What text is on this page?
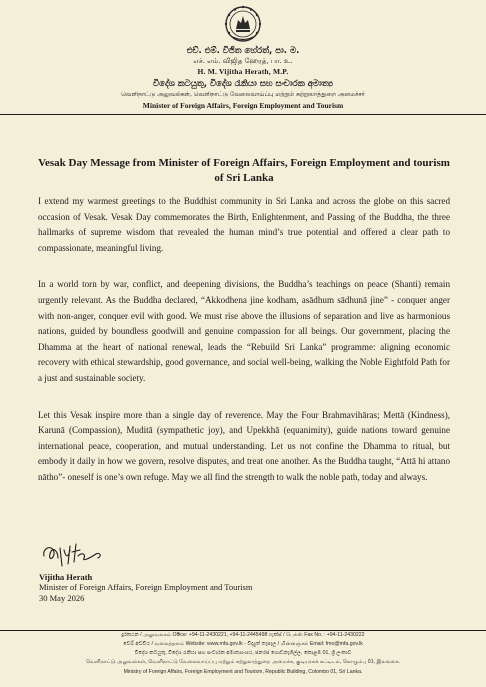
එච්. එම්. විජිත හේරත්, පා. ම.
எச். எம். விஜித ஹேரத், பா. உ.
H. M. Vijitha Herath, M.P.
විදේශ කටයුතු, විදේශ රැකියා සහ සංචාරක අමාත්‍ය
வெளிநாட்டு அலுவல்கள், வெளிநாட்டு வேலைவாய்ப்பு மற்றும் சுற்றுலாத்துறை அமைச்சர்
Minister of Foreign Affairs, Foreign Employment and Tourism
Vesak Day Message from Minister of Foreign Affairs, Foreign Employment and tourism of Sri Lanka

I extend my warmest greetings to the Buddhist community in Sri Lanka and across the globe on this sacred occasion of Vesak. Vesak Day commemorates the Birth, Enlightenment, and Passing of the Buddha, the three hallmarks of supreme wisdom that revealed the human mind’s true potential and offered a clear path to compassionate, meaningful living.

In a world torn by war, conflict, and deepening divisions, the Buddha’s teachings on peace (Shanti) remain urgently relevant. As the Buddha declared, “Akkodhena jine kodham, asādhum sādhunā jine” - conquer anger with non-anger, conquer evil with good. We must rise above the illusions of separation and live as harmonious nations, guided by boundless goodwill and genuine compassion for all beings. Our government, placing the Dhamma at the heart of national renewal, leads the “Rebuild Sri Lanka” programme: aligning economic recovery with ethical stewardship, good governance, and social well-being, walking the Noble Eightfold Path for a just and sustainable society.

Let this Vesak inspire more than a single day of reverence. May the Four Brahmavihāras; Mettā (Kindness), Karunā (Compassion), Muditā (sympathetic joy), and Upekkhā (equanimity), guide nations toward genuine international peace, cooperation, and mutual understanding. Let us not confine the Dhamma to ritual, but embody it daily in how we govern, resolve disputes, and treat one another. As the Buddha taught, “Attā hi attano nātho”- oneself is one’s own refuge. May we all find the strength to walk the noble path, today and always.

Vijitha Herath
Minister of Foreign Affairs, Foreign Employment and Tourism
30 May 2026
දුරකථන / அலுவலகம் Office: +94-11-2430221, +94-11-2445498 ෆැක්ස් / பெக்ஸ் Fax No. : +94-11-2430222
වෙබ් අඩවිය / வலைத்தளம் Website: www.mfa.gov.lk - විද්‍යුත් තැපෑල / மின்னஞ்சல் Email: fmo@mfa.gov.lk
විදේශ කටයුතු, විදේශ රැකියා සහ සංචාරක අමාත්‍යාංශය, ජනරජ ගොඩනැගිල්ල, කොළඹ 01, ශ්‍රී ලංකාව
வெளிநாட்டு அலுவல்கள், வெளிநாட்டு வேலைவாய்ப்பு மற்றும் சுற்றுலாத்துறை அமைச்சு, குடியரசுக் கட்டிடம், கொழும்பு 01, இலங்கை.
Ministry of Foreign Affairs, Foreign Employment and Tourism, Republic Building, Colombo 01, Sri Lanka.
